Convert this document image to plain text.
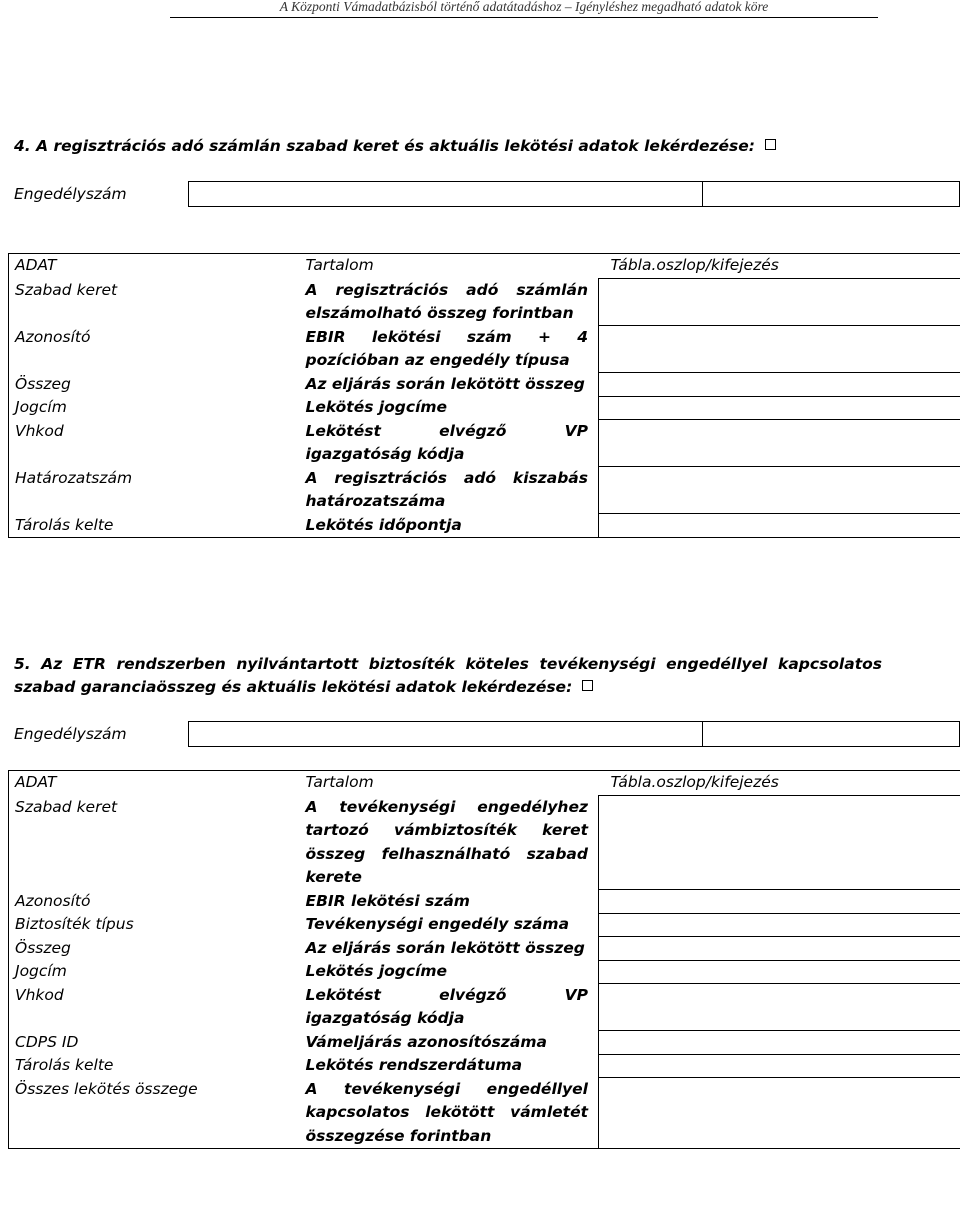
A Központi Vámadatbázisból történő adatátadáshoz – Igényléshez megadható adatok köre
4. A regisztrációs adó számlán szabad keret és aktuális lekötési adatok lekérdezése:
Engedélyszám		
ADAT	Tartalom	Tábla.oszlop/kifejezés
Szabad keret	A regisztrációs adó számlán elszámolható összeg forintban	
Azonosító	EBIR lekötési szám + 4 pozícióban az engedély típusa	
Összeg	Az eljárás során lekötött összeg	
Jogcím	Lekötés jogcíme	
Vhkod	Lekötést elvégző VP igazgatóság kódja	
Határozatszám	A regisztrációs adó kiszabás határozatszáma	
Tárolás kelte	Lekötés időpontja	
5. Az ETR rendszerben nyilvántartott biztosíték köteles tevékenységi engedéllyel kapcsolatos szabad garanciaösszeg és aktuális lekötési adatok lekérdezése:
Engedélyszám		
ADAT	Tartalom	Tábla.oszlop/kifejezés
Szabad keret	A tevékenységi engedélyhez tartozó vámbiztosíték keret összeg felhasználható szabad kerete	
Azonosító	EBIR lekötési szám	
Biztosíték típus	Tevékenységi engedély száma	
Összeg	Az eljárás során lekötött összeg	
Jogcím	Lekötés jogcíme	
Vhkod	Lekötést elvégző VP igazgatóság kódja	
CDPS ID	Vámeljárás azonosítószáma	
Tárolás kelte	Lekötés rendszerdátuma	
Összes lekötés összege	A tevékenységi engedéllyel kapcsolatos lekötött vámletét összegzése forintban	
